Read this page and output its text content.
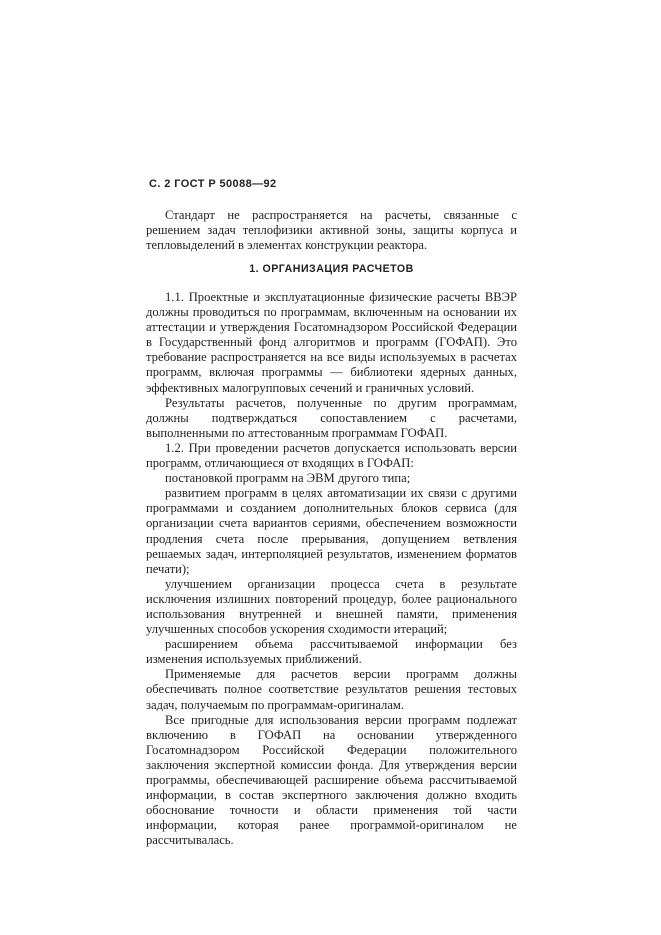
С. 2 ГОСТ Р 50088—92

Стандарт не распространяется на расчеты, связанные с решением задач теплофизики активной зоны, защиты корпуса и тепловыделений в элементах конструкции реактора.

1. ОРГАНИЗАЦИЯ РАСЧЕТОВ

1.1. Проектные и эксплуатационные физические расчеты ВВЭР должны проводиться по программам, включенным на основании их аттестации и утверждения Госатомнадзором Российской Федерации в Государственный фонд алгоритмов и программ (ГОФАП). Это требование распространяется на все виды используемых в расчетах программ, включая программы — библиотеки ядерных данных, эффективных малогрупповых сечений и граничных условий.

Результаты расчетов, полученные по другим программам, должны подтверждаться сопоставлением с расчетами, выполненными по аттестованным программам ГОФАП.

1.2. При проведении расчетов допускается использовать версии программ, отличающиеся от входящих в ГОФАП:

постановкой программ на ЭВМ другого типа;

развитием программ в целях автоматизации их связи с другими программами и созданием дополнительных блоков сервиса (для организации счета вариантов сериями, обеспечением возможности продления счета после прерывания, допущением ветвления решаемых задач, интерполяцией результатов, изменением форматов печати);

улучшением организации процесса счета в результате исключения излишних повторений процедур, более рационального использования внутренней и внешней памяти, применения улучшенных способов ускорения сходимости итераций;

расширением объема рассчитываемой информации без изменения используемых приближений.

Применяемые для расчетов версии программ должны обеспечивать полное соответствие результатов решения тестовых задач, получаемым по программам-оригиналам.

Все пригодные для использования версии программ подлежат включению в ГОФАП на основании утвержденного Госатомнадзором Российской Федерации положительного заключения экспертной комиссии фонда. Для утверждения версии программы, обеспечивающей расширение объема рассчитываемой информации, в состав экспертного заключения должно входить обоснование точности и области применения той части информации, которая ранее программой-оригиналом не рассчитывалась.
